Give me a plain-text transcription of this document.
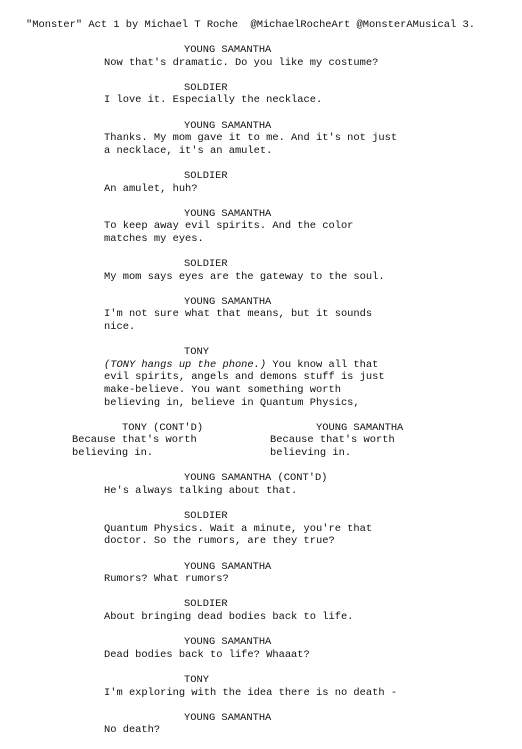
"Monster" Act 1 by Michael T Roche  @MichaelRocheArt @MonsterAMusical 3.
YOUNG SAMANTHA
Now that's dramatic. Do you like my costume?
SOLDIER
I love it. Especially the necklace.
YOUNG SAMANTHA
Thanks. My mom gave it to me. And it's not just
a necklace, it's an amulet.
SOLDIER
An amulet, huh?
YOUNG SAMANTHA
To keep away evil spirits. And the color
matches my eyes.
SOLDIER
My mom says eyes are the gateway to the soul.
YOUNG SAMANTHA
I'm not sure what that means, but it sounds
nice.
TONY
(TONY hangs up the phone.) You know all that
evil spirits, angels and demons stuff is just
make-believe. You want something worth
believing in, believe in Quantum Physics,
TONY (CONT'D)
Because that's worth
believing in.
YOUNG SAMANTHA
Because that's worth
believing in.
YOUNG SAMANTHA (CONT'D)
He's always talking about that.
SOLDIER
Quantum Physics. Wait a minute, you're that
doctor. So the rumors, are they true?
YOUNG SAMANTHA
Rumors? What rumors?
SOLDIER
About bringing dead bodies back to life.
YOUNG SAMANTHA
Dead bodies back to life? Whaaat?
TONY
I'm exploring with the idea there is no death -
YOUNG SAMANTHA
No death?
